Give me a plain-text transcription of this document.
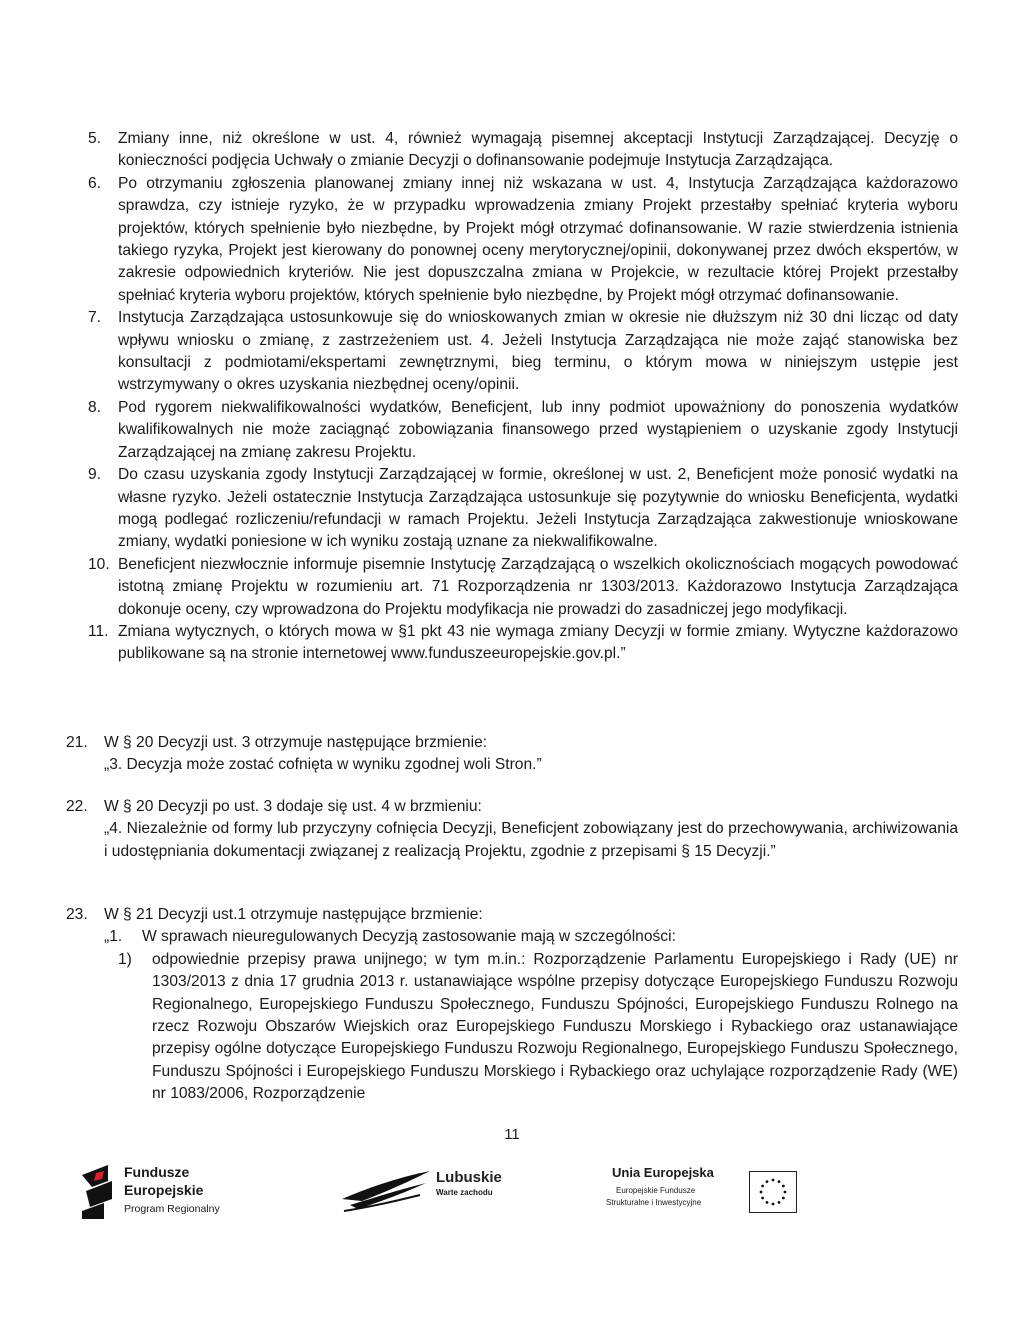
5. Zmiany inne, niż określone w ust. 4, również wymagają pisemnej akceptacji Instytucji Zarządzającej. Decyzję o konieczności podjęcia Uchwały o zmianie Decyzji o dofinansowanie podejmuje Instytucja Zarządzająca.

6. Po otrzymaniu zgłoszenia planowanej zmiany innej niż wskazana w ust. 4, Instytucja Zarządzająca każdorazowo sprawdza, czy istnieje ryzyko, że w przypadku wprowadzenia zmiany Projekt przestałby spełniać kryteria wyboru projektów, których spełnienie było niezbędne, by Projekt mógł otrzymać dofinansowanie. W razie stwierdzenia istnienia takiego ryzyka, Projekt jest kierowany do ponownej oceny merytorycznej/opinii, dokonywanej przez dwóch ekspertów, w zakresie odpowiednich kryteriów. Nie jest dopuszczalna zmiana w Projekcie, w rezultacie której Projekt przestałby spełniać kryteria wyboru projektów, których spełnienie było niezbędne, by Projekt mógł otrzymać dofinansowanie.

7. Instytucja Zarządzająca ustosunkowuje się do wnioskowanych zmian w okresie nie dłuższym niż 30 dni licząc od daty wpływu wniosku o zmianę, z zastrzeżeniem ust. 4. Jeżeli Instytucja Zarządzająca nie może zająć stanowiska bez konsultacji z podmiotami/ekspertami zewnętrznymi, bieg terminu, o którym mowa w niniejszym ustępie jest wstrzymywany o okres uzyskania niezbędnej oceny/opinii.

8. Pod rygorem niekwalifikowalności wydatków, Beneficjent, lub inny podmiot upoważniony do ponoszenia wydatków kwalifikowalnych nie może zaciągnąć zobowiązania finansowego przed wystąpieniem o uzyskanie zgody Instytucji Zarządzającej na zmianę zakresu Projektu.

9. Do czasu uzyskania zgody Instytucji Zarządzającej w formie, określonej w ust. 2, Beneficjent może ponosić wydatki na własne ryzyko. Jeżeli ostatecznie Instytucja Zarządzająca ustosunkuje się pozytywnie do wniosku Beneficjenta, wydatki mogą podlegać rozliczeniu/refundacji w ramach Projektu. Jeżeli Instytucja Zarządzająca zakwestionuje wnioskowane zmiany, wydatki poniesione w ich wyniku zostają uznane za niekwalifikowalne.

10. Beneficjent niezwłocznie informuje pisemnie Instytucję Zarządzającą o wszelkich okolicznościach mogących powodować istotną zmianę Projektu w rozumieniu art. 71 Rozporządzenia nr 1303/2013. Każdorazowo Instytucja Zarządzająca dokonuje oceny, czy wprowadzona do Projektu modyfikacja nie prowadzi do zasadniczej jego modyfikacji.

11. Zmiana wytycznych, o których mowa w §1 pkt 43 nie wymaga zmiany Decyzji w formie zmiany. Wytyczne każdorazowo publikowane są na stronie internetowej www.funduszeeuropejskie.gov.pl.”

21. W § 20 Decyzji ust. 3 otrzymuje następujące brzmienie:
„3. Decyzja może zostać cofnięta w wyniku zgodnej woli Stron.”
22. W § 20 Decyzji po ust. 3 dodaje się ust. 4 w brzmieniu:
„4. Niezależnie od formy lub przyczyny cofnięcia Decyzji, Beneficjent zobowiązany jest do przechowywania, archiwizowania i udostępniania dokumentacji związanej z realizacją Projektu, zgodnie z przepisami § 15 Decyzji.”
23. W § 21 Decyzji ust.1 otrzymuje następujące brzmienie:
„1. W sprawach nieuregulowanych Decyzją zastosowanie mają w szczególności:
1) odpowiednie przepisy prawa unijnego; w tym m.in.: Rozporządzenie Parlamentu Europejskiego i Rady (UE) nr 1303/2013 z dnia 17 grudnia 2013 r. ustanawiające wspólne przepisy dotyczące Europejskiego Funduszu Rozwoju Regionalnego, Europejskiego Funduszu Społecznego, Funduszu Spójności, Europejskiego Funduszu Rolnego na rzecz Rozwoju Obszarów Wiejskich oraz Europejskiego Funduszu Morskiego i Rybackiego oraz ustanawiające przepisy ogólne dotyczące Europejskiego Funduszu Rozwoju Regionalnego, Europejskiego Funduszu Społecznego, Funduszu Spójności i Europejskiego Funduszu Morskiego i Rybackiego oraz uchylające rozporządzenie Rady (WE) nr 1083/2006, Rozporządzenie
11
Fundusze
Europejskie
Program Regionalny
Lubuskie
Warte zachodu
Unia Europejska
Europejskie Fundusze
Strukturalne i Inwestycyjne
